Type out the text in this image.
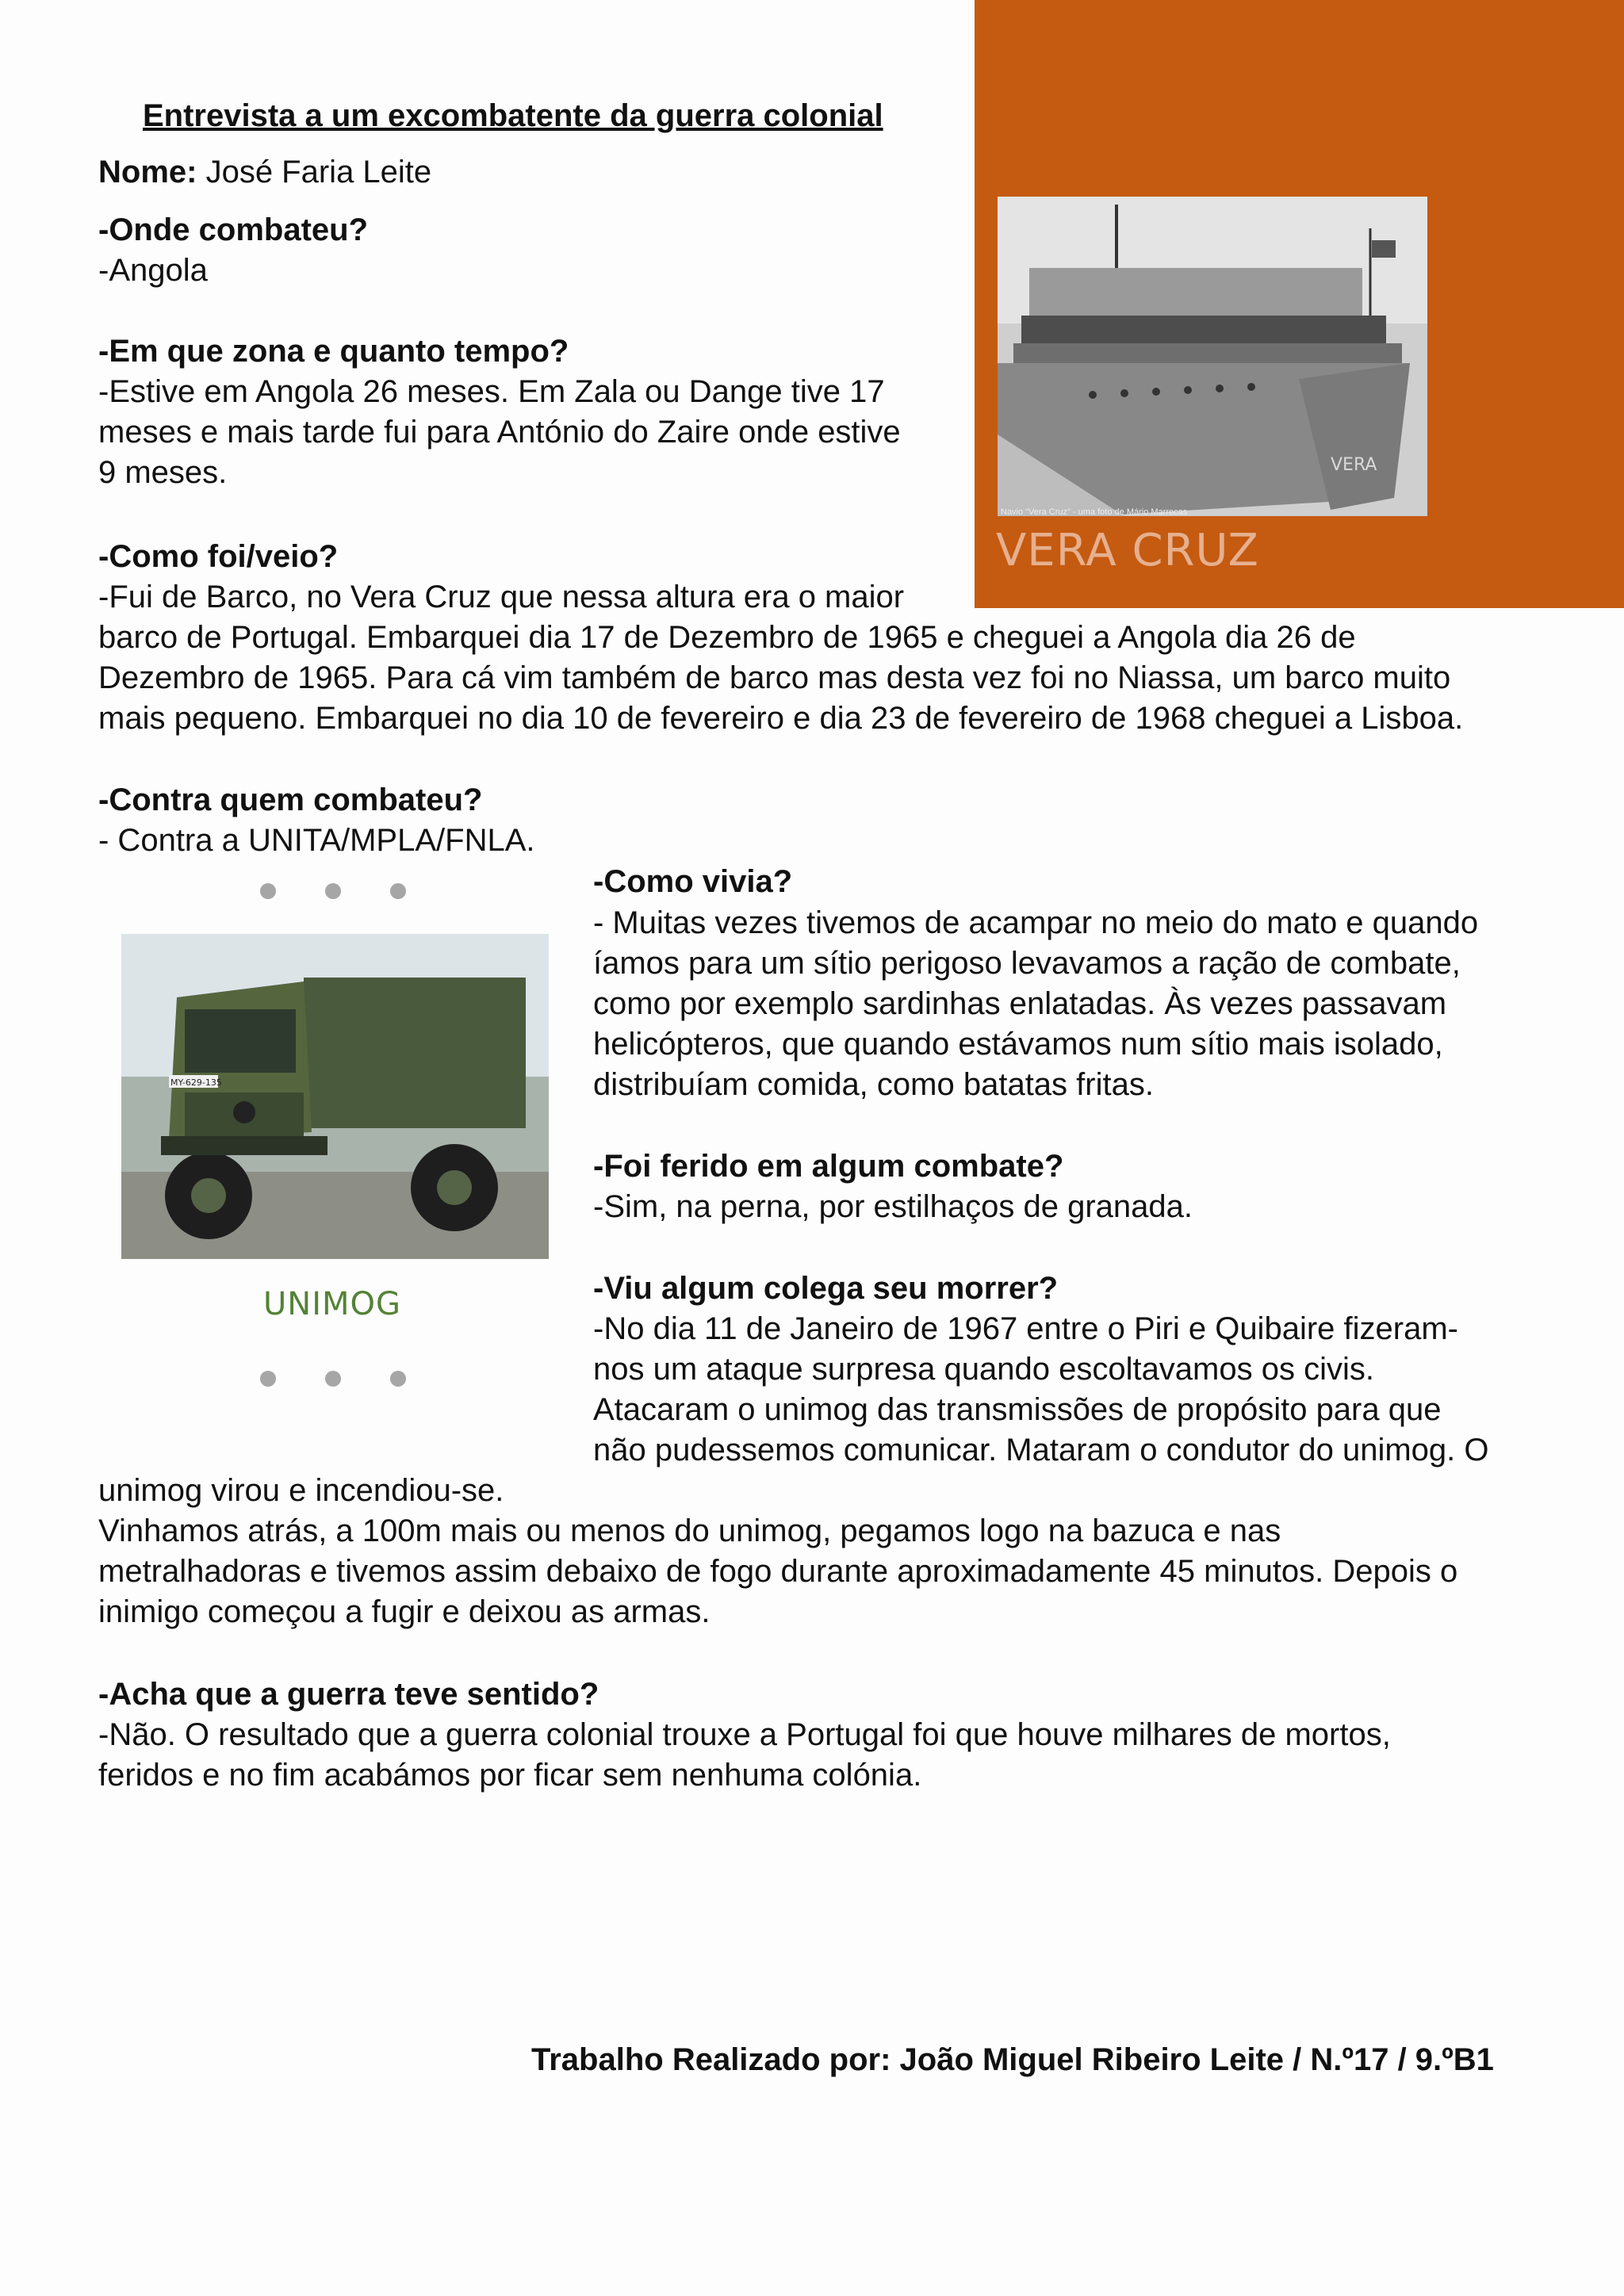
VERA
Navio "Vera Cruz" - uma foto de Mário Marrecas
VERA CRUZ
Entrevista a um excombatente da guerra colonial
Nome: José Faria Leite
-Onde combateu?
-Angola
-Em que zona e quanto tempo?
-Estive em Angola 26 meses. Em Zala ou Dange tive 17
meses e mais tarde fui para António do Zaire onde estive
9 meses.
-Como foi/veio?
-Fui de Barco, no Vera Cruz que nessa altura era o maior
barco de Portugal. Embarquei dia 17 de Dezembro de 1965 e cheguei a Angola dia 26 de
Dezembro de 1965. Para cá vim também de barco mas desta vez foi no Niassa, um barco muito
mais pequeno. Embarquei no dia 10 de fevereiro e dia 23 de fevereiro de 1968 cheguei a Lisboa.
-Contra quem combateu?
- Contra a UNITA/MPLA/FNLA.
MY-629-135
UNIMOG
-Como vivia?
- Muitas vezes tivemos de acampar no meio do mato e quando
íamos para um sítio perigoso levavamos a ração de combate,
como por exemplo sardinhas enlatadas. Às vezes passavam
helicópteros, que quando estávamos num sítio mais isolado,
distribuíam comida, como batatas fritas.
-Foi ferido em algum combate?
-Sim, na perna, por estilhaços de granada.
-Viu algum colega seu morrer?
-No dia 11 de Janeiro de 1967 entre o Piri e Quibaire fizeram-
nos um ataque surpresa quando escoltavamos os civis.
Atacaram o unimog das transmissões de propósito para que
não pudessemos comunicar. Mataram o condutor do unimog. O
unimog virou e incendiou-se.
Vinhamos atrás, a 100m mais ou menos do unimog, pegamos logo na bazuca e nas
metralhadoras e tivemos assim debaixo de fogo durante aproximadamente 45 minutos. Depois o
inimigo começou a fugir e deixou as armas.
-Acha que a guerra teve sentido?
-Não. O resultado que a guerra colonial trouxe a Portugal foi que houve milhares de mortos,
feridos e no fim acabámos por ficar sem nenhuma colónia.
Trabalho Realizado por: João Miguel Ribeiro Leite / N.º17 / 9.ºB1
